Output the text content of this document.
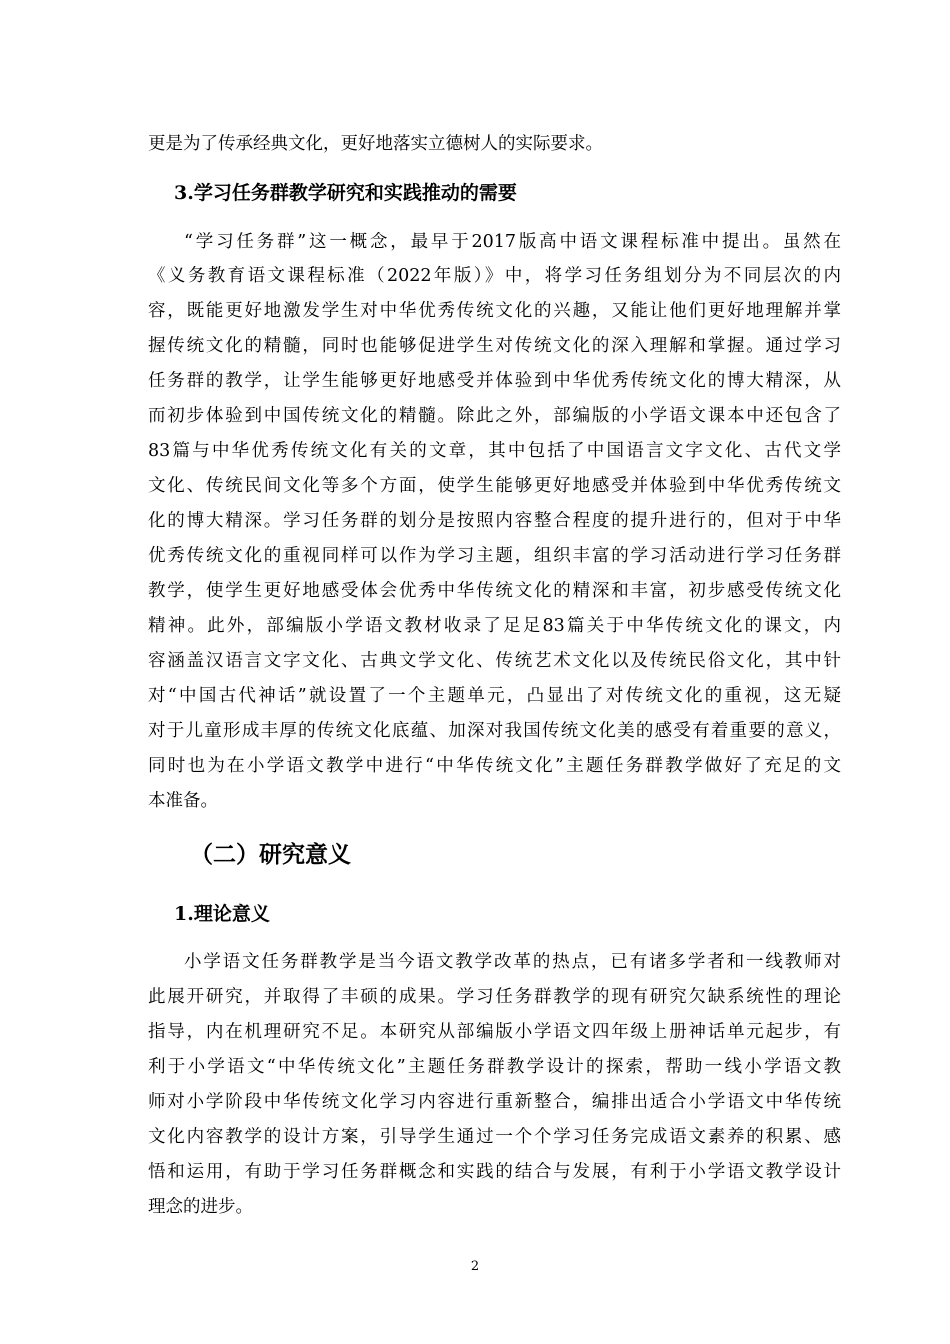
更是为了传承经典文化，更好地落实立德树人的实际要求。
3.学习任务群教学研究和实践推动的需要
“学习任务群”这一概念，最早于2017版高中语文课程标准中提出。虽然在
《义务教育语文课程标准（2022年版）》中，将学习任务组划分为不同层次的内
容，既能更好地激发学生对中华优秀传统文化的兴趣，又能让他们更好地理解并掌
握传统文化的精髓，同时也能够促进学生对传统文化的深入理解和掌握。通过学习
任务群的教学，让学生能够更好地感受并体验到中华优秀传统文化的博大精深，从
而初步体验到中国传统文化的精髓。除此之外，部编版的小学语文课本中还包含了
83篇与中华优秀传统文化有关的文章，其中包括了中国语言文字文化、古代文学
文化、传统民间文化等多个方面，使学生能够更好地感受并体验到中华优秀传统文
化的博大精深。学习任务群的划分是按照内容整合程度的提升进行的，但对于中华
优秀传统文化的重视同样可以作为学习主题，组织丰富的学习活动进行学习任务群
教学，使学生更好地感受体会优秀中华传统文化的精深和丰富，初步感受传统文化
精神。此外，部编版小学语文教材收录了足足83篇关于中华传统文化的课文，内
容涵盖汉语言文字文化、古典文学文化、传统艺术文化以及传统民俗文化，其中针
对“中国古代神话”就设置了一个主题单元，凸显出了对传统文化的重视，这无疑
对于儿童形成丰厚的传统文化底蕴、加深对我国传统文化美的感受有着重要的意义，
同时也为在小学语文教学中进行“中华传统文化”主题任务群教学做好了充足的文
本准备。
（二）研究意义
1.理论意义
小学语文任务群教学是当今语文教学改革的热点，已有诸多学者和一线教师对
此展开研究，并取得了丰硕的成果。学习任务群教学的现有研究欠缺系统性的理论
指导，内在机理研究不足。本研究从部编版小学语文四年级上册神话单元起步，有
利于小学语文“中华传统文化”主题任务群教学设计的探索，帮助一线小学语文教
师对小学阶段中华传统文化学习内容进行重新整合，编排出适合小学语文中华传统
文化内容教学的设计方案，引导学生通过一个个学习任务完成语文素养的积累、感
悟和运用，有助于学习任务群概念和实践的结合与发展，有利于小学语文教学设计
理念的进步。
2
